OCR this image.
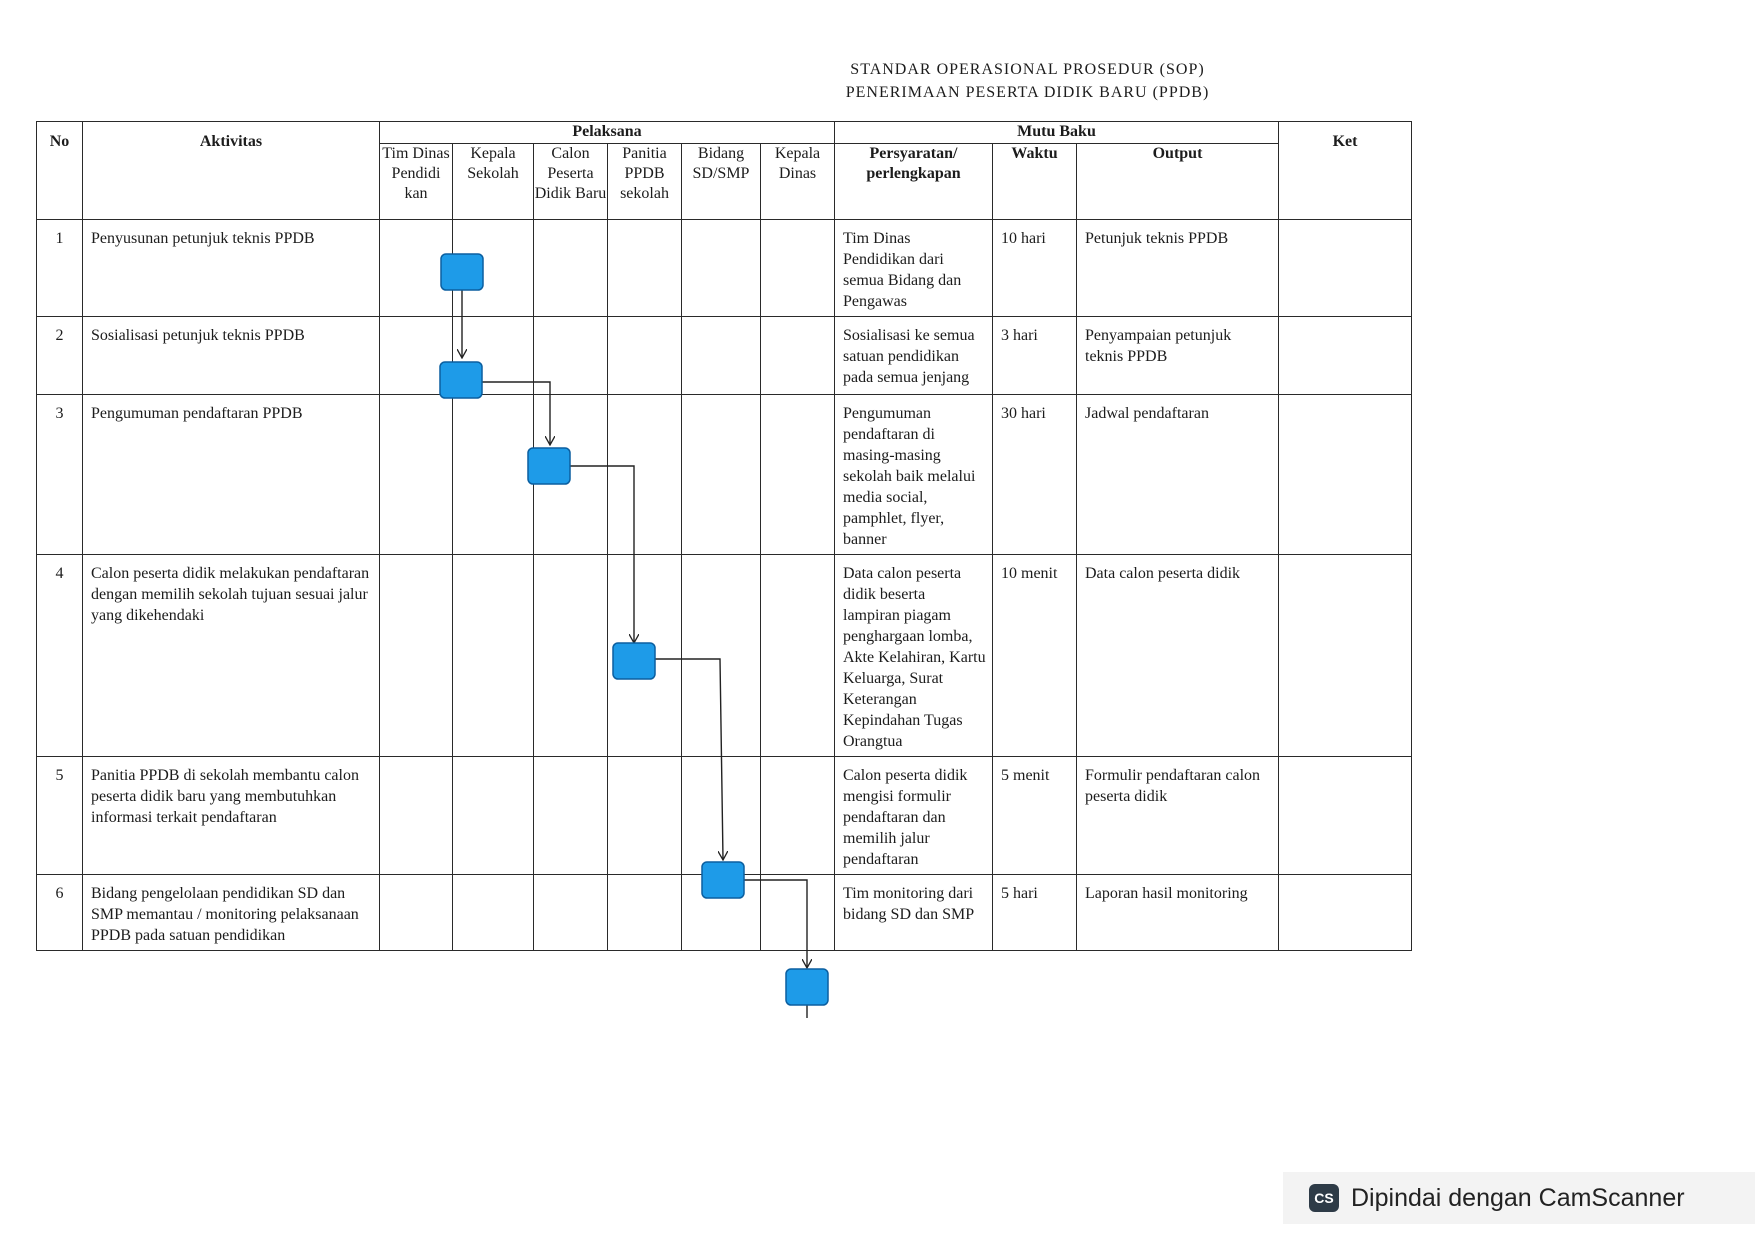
STANDAR OPERASIONAL PROSEDUR (SOP)
PENERIMAAN PESERTA DIDIK BARU (PPDB)
No	Aktivitas	Pelaksana						Mutu Baku			Ket
		Tim Dinas Pendidi kan	Kepala Sekolah	Calon Peserta Didik Baru	Panitia PPDB sekolah	Bidang SD/SMP	Kepala Dinas	Persyaratan/ perlengkapan	Waktu	Output	
1	Penyusunan petunjuk teknis PPDB							Tim Dinas Pendidikan dari semua Bidang dan Pengawas	10 hari	Petunjuk teknis PPDB	
2	Sosialisasi petunjuk teknis PPDB							Sosialisasi ke semua satuan pendidikan pada semua jenjang	3 hari	Penyampaian petunjuk teknis PPDB	
3	Pengumuman pendaftaran PPDB							Pengumuman pendaftaran di masing-masing sekolah baik melalui media social, pamphlet, flyer, banner	30 hari	Jadwal pendaftaran	
4	Calon peserta didik melakukan pendaftaran dengan memilih sekolah tujuan sesuai jalur yang dikehendaki							Data calon peserta didik beserta lampiran piagam penghargaan lomba, Akte Kelahiran, Kartu Keluarga, Surat Keterangan Kepindahan Tugas Orangtua	10 menit	Data calon peserta didik	
5	Panitia PPDB di sekolah membantu calon peserta didik baru yang membutuhkan informasi terkait pendaftaran							Calon peserta didik mengisi formulir pendaftaran dan memilih jalur pendaftaran	5 menit	Formulir pendaftaran calon peserta didik	
6	Bidang pengelolaan pendidikan SD dan SMP memantau / monitoring pelaksanaan PPDB pada satuan pendidikan							Tim monitoring dari bidang SD dan SMP	5 hari	Laporan hasil monitoring	
CS Dipindai dengan CamScanner
